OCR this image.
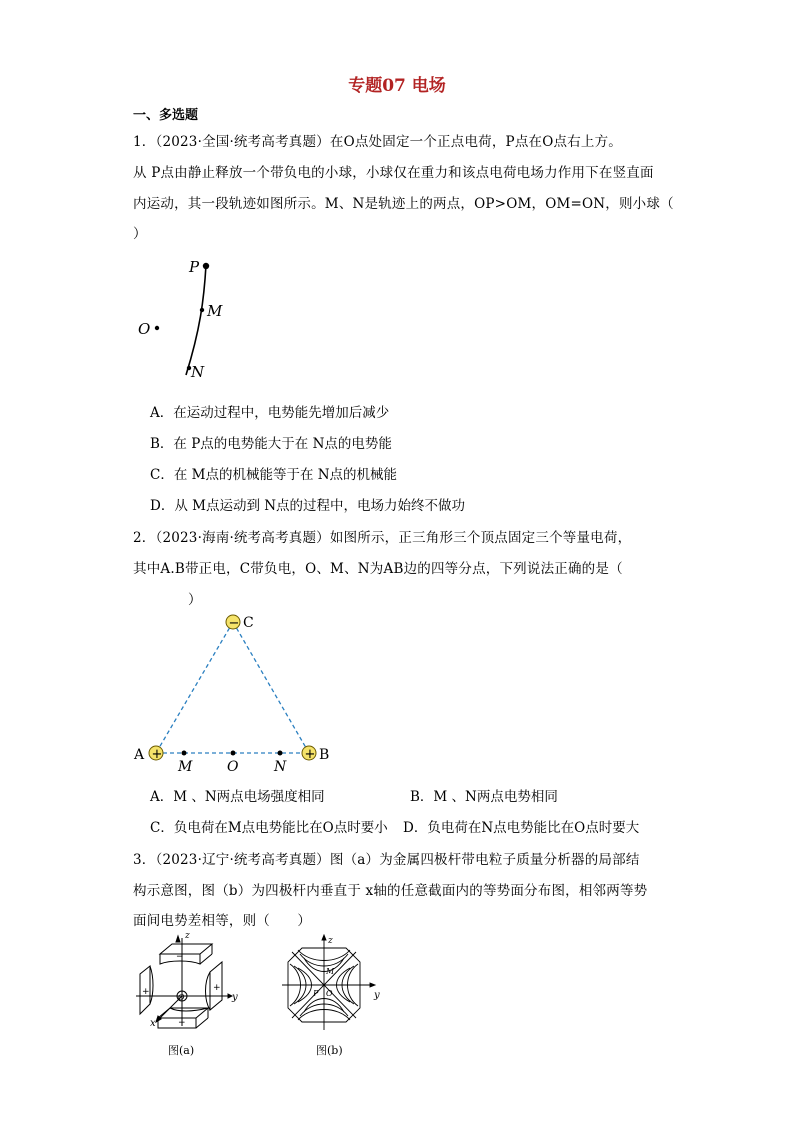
专题07 电场
一、多选题
1．（2023·全国·统考高考真题）在O点处固定一个正点电荷，P点在O点右上方。
从 P点由静止释放一个带负电的小球，小球仅在重力和该点电荷电场力作用下在竖直面
内运动，其一段轨迹如图所示。M、N是轨迹上的两点，OP>OM，OM=ON，则小球（
）
P
M
O
N
A．在运动过程中，电势能先增加后减少
B．在 P点的电势能大于在 N点的电势能
C．在 M点的机械能等于在 N点的机械能
D．从 M点运动到 N点的过程中，电场力始终不做功
2．（2023·海南·统考高考真题）如图所示，正三角形三个顶点固定三个等量电荷，
其中A.B带正电，C带负电，O、M、N为AB边的四等分点，下列说法正确的是（
）
−
+	+
C
A	B
M O	N
A．M 、N两点电场强度相同	B．M 、N两点电势相同
C．负电荷在M点电势能比在O点时要小 D．负电荷在N点电势能比在O点时要大
3．（2023·辽宁·统考高考真题）图（a）为金属四极杆带电粒子质量分析器的局部结
构示意图，图（b）为四极杆内垂直于 x轴的任意截面内的等势面分布图，相邻两等势
面间电势差相等，则（　　）
z
y
x
O
−
−
+	+
图(a)
z
y
M
P O
图(b)
